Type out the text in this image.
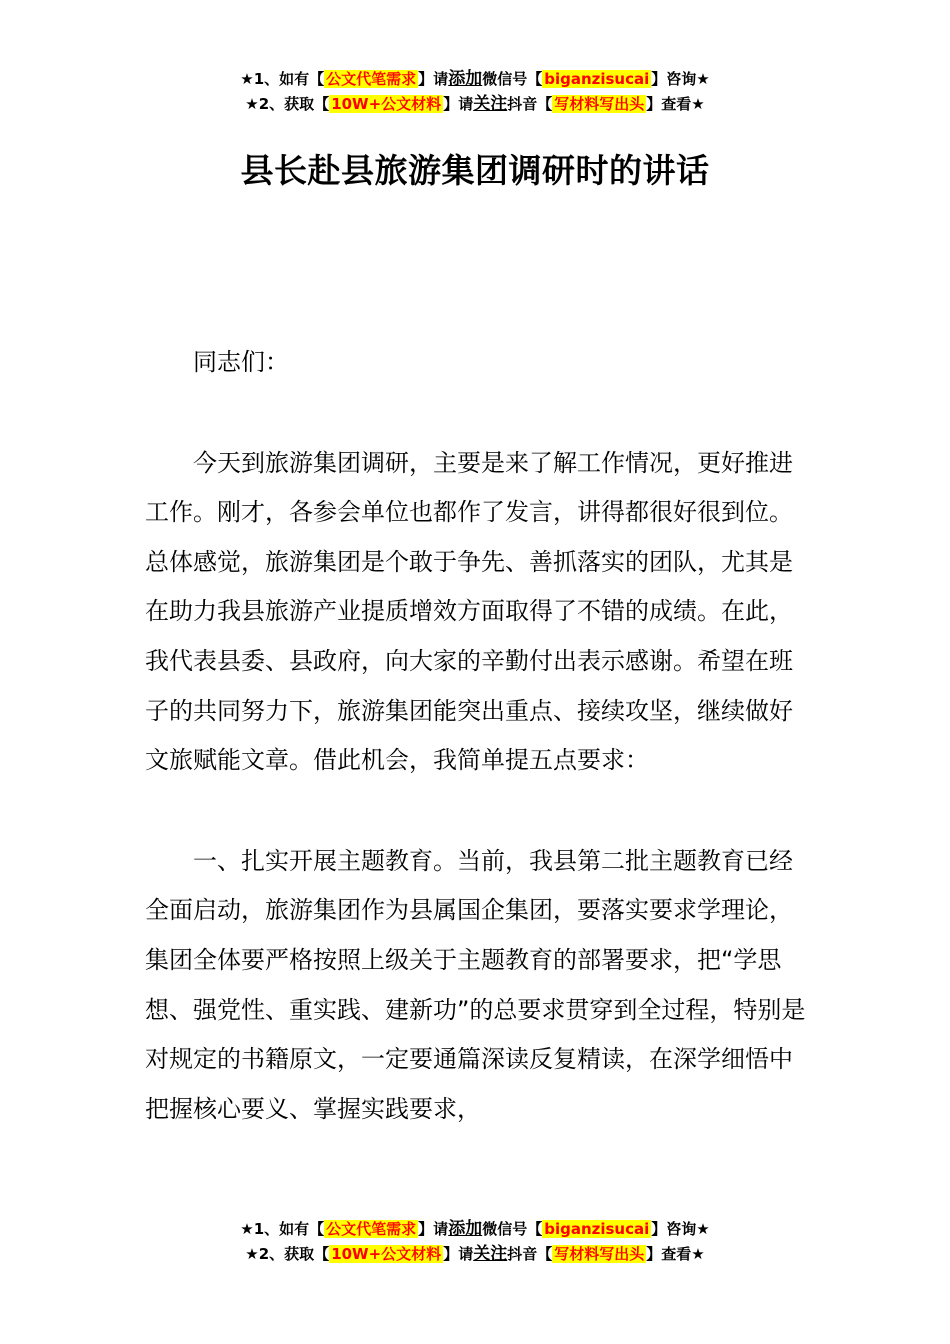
★1、如有【 公文代笔需求 】请添加微信号【 biganzisucai 】咨询★
★2、获取【 10W+公文材料 】请关注抖音【 写材料写出头 】查看★
县长赴县旅游集团调研时的讲话

同志们：

今天到旅游集团调研，主要是来了解工作情况，更好推进工作。刚才，各参会单位也都作了发言，讲得都很好很到位。总体感觉，旅游集团是个敢于争先、善抓落实的团队，尤其是在助力我县旅游产业提质增效方面取得了不错的成绩。在此，我代表县委、县政府，向大家的辛勤付出表示感谢。希望在班子的共同努力下，旅游集团能突出重点、接续攻坚，继续做好文旅赋能文章。借此机会，我简单提五点要求：

一、扎实开展主题教育。当前，我县第二批主题教育已经全面启动，旅游集团作为县属国企集团，要落实要求学理论，集团全体要严格按照上级关于主题教育的部署要求，把“学思想、强党性、重实践、建新功”的总要求贯穿到全过程，特别是对规定的书籍原文，一定要通篇深读反复精读，在深学细悟中把握核心要义、掌握实践要求，

★1、如有【 公文代笔需求 】请添加微信号【 biganzisucai 】咨询★
★2、获取【 10W+公文材料 】请关注抖音【 写材料写出头 】查看★
